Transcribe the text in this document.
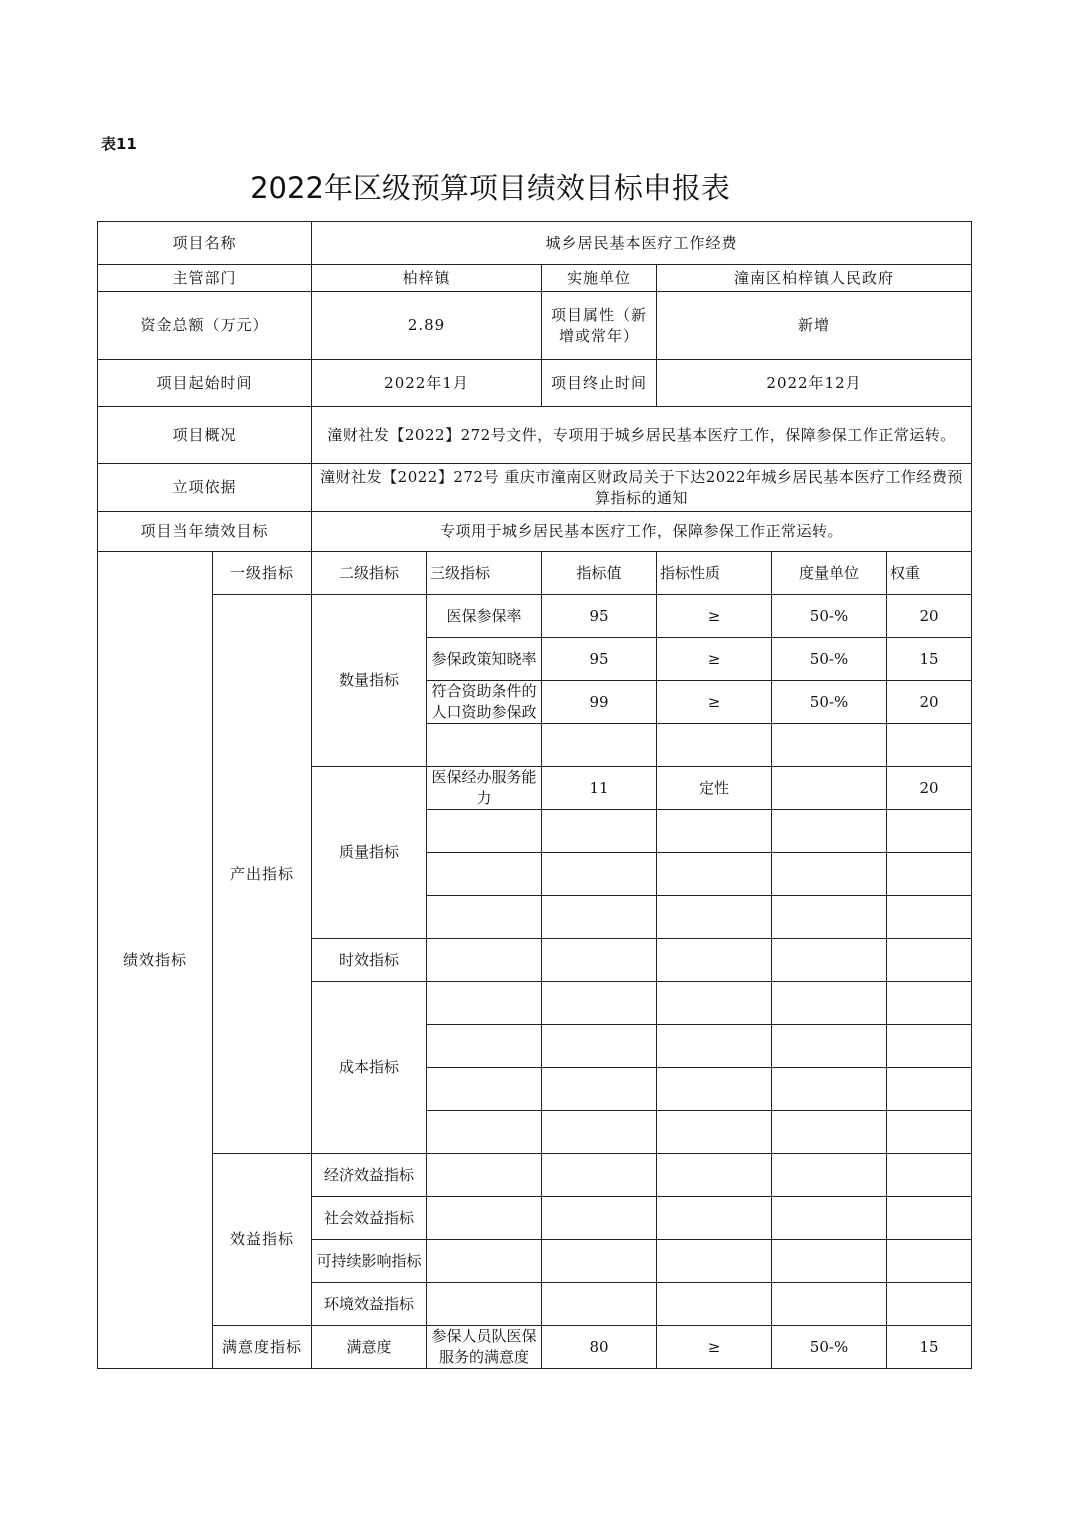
表11
2022年区级预算项目绩效目标申报表
项目名称		城乡居民基本医疗工作经费					
主管部门		柏梓镇		实施单位	潼南区柏梓镇人民政府		
资金总额（万元）		2.89		项目属性（新增或常年）	新增		
项目起始时间		2022年1月		项目终止时间	2022年12月		
项目概况		潼财社发【2022】272号文件，专项用于城乡居民基本医疗工作，保障参保工作正常运转。					
立项依据		潼财社发【2022】272号 重庆市潼南区财政局关于下达2022年城乡居民基本医疗工作经费预算指标的通知					
项目当年绩效目标		专项用于城乡居民基本医疗工作，保障参保工作正常运转。					
绩效指标	一级指标	二级指标	三级指标	指标值	指标性质	度量单位	权重
	产出指标	数量指标	医保参保率	95	≥	50-%	20
			参保政策知晓率	95	≥	50-%	15
			符合资助条件的人口资助参保政	99	≥	50-%	20

		质量指标	医保经办服务能力	11	定性		20

		时效指标					
		成本指标					

	效益指标	经济效益指标					
		社会效益指标					
		可持续影响指标					
		环境效益指标					
	满意度指标	满意度	参保人员队医保服务的满意度	80	≥	50-%	15
